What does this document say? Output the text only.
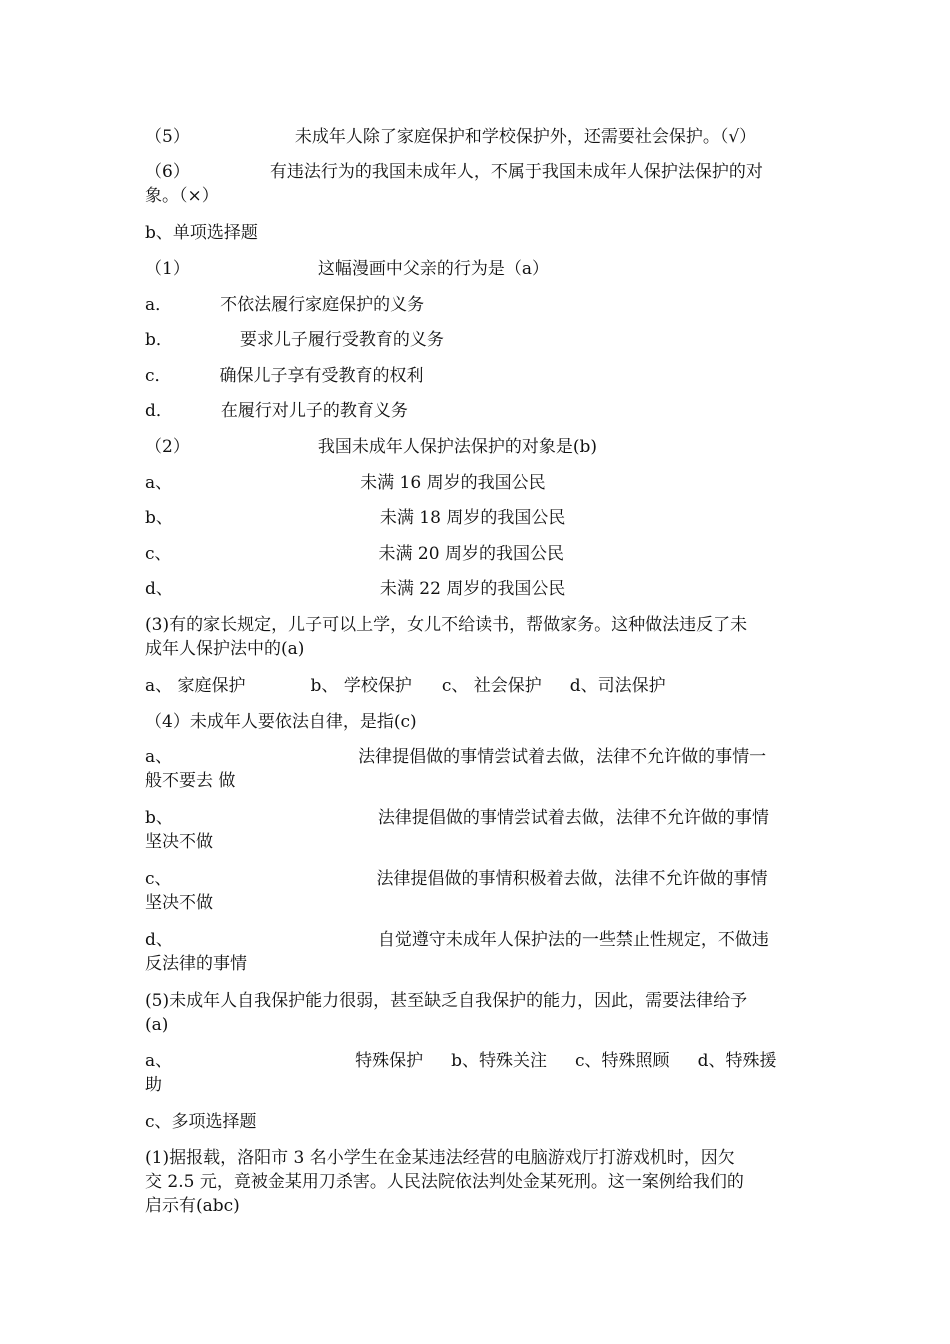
（5）	未成年人除了家庭保护和学校保护外，还需要社会保护。（√）
（6）	有违法行为的我国未成年人，不属于我国未成年人保护法保护的对
象。（×）
b、单项选择题
（1）	这幅漫画中父亲的行为是（a）
a．	不依法履行家庭保护的义务
b．	要求儿子履行受教育的义务
c．	确保儿子享有受教育的权利
d．	在履行对儿子的教育义务
（2）	我国未成年人保护法保护的对象是(b)
a、	未满 16 周岁的我国公民
b、	未满 18 周岁的我国公民
c、	未满 20 周岁的我国公民
d、	未满 22 周岁的我国公民
(3)有的家长规定，儿子可以上学，女儿不给读书，帮做家务。这种做法违反了未
成年人保护法中的(a)
a、 家庭保护	b、 学校保护 c、 社会保护 d、司法保护
（4）未成年人要依法自律，是指(c)
a、	法律提倡做的事情尝试着去做，法律不允许做的事情一
般不要去 做
b、	法律提倡做的事情尝试着去做，法律不允许做的事情
坚决不做
c、	法律提倡做的事情积极着去做，法律不允许做的事情
坚决不做
d、	自觉遵守未成年人保护法的一些禁止性规定，不做违
反法律的事情
(5)未成年人自我保护能力很弱，甚至缺乏自我保护的能力，因此，需要法律给予
(a)
a、	特殊保护 b、特殊关注 c、特殊照顾 d、特殊援
助
c、多项选择题
(1)据报载，洛阳市 3 名小学生在金某违法经营的电脑游戏厅打游戏机时，因欠
交 2.5 元，竟被金某用刀杀害。人民法院依法判处金某死刑。这一案例给我们的
启示有(abc)
